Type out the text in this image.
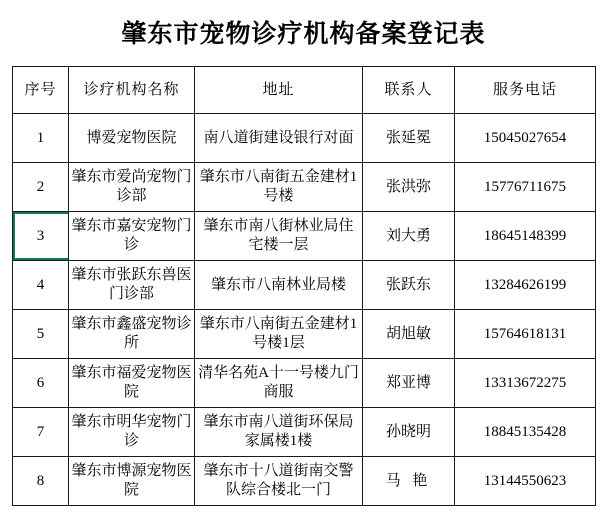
肇东市宠物诊疗机构备案登记表
序号	诊疗机构名称	地址	联系人	服务电话
1	博爱宠物医院	南八道街建设银行对面	张延冕	15045027654
2	肇东市爱尚宠物门诊部	肇东市八南街五金建材1号楼	张洪弥	15776711675
3	肇东市嘉安宠物门诊	肇东市南八街林业局住宅楼一层	刘大勇	18645148399
4	肇东市张跃东兽医门诊部	肇东市八南林业局楼	张跃东	13284626199
5	肇东市鑫盛宠物诊所	肇东市八南街五金建材1号楼1层	胡旭敏	15764618131
6	肇东市福爱宠物医院	清华名苑A十一号楼九门商服	郑亚博	13313672275
7	肇东市明华宠物门诊	肇东市南八道街环保局家属楼1楼	孙晓明	18845135428
8	肇东市博源宠物医院	肇东市十八道街南交警队综合楼北一门	马 艳	13144550623
